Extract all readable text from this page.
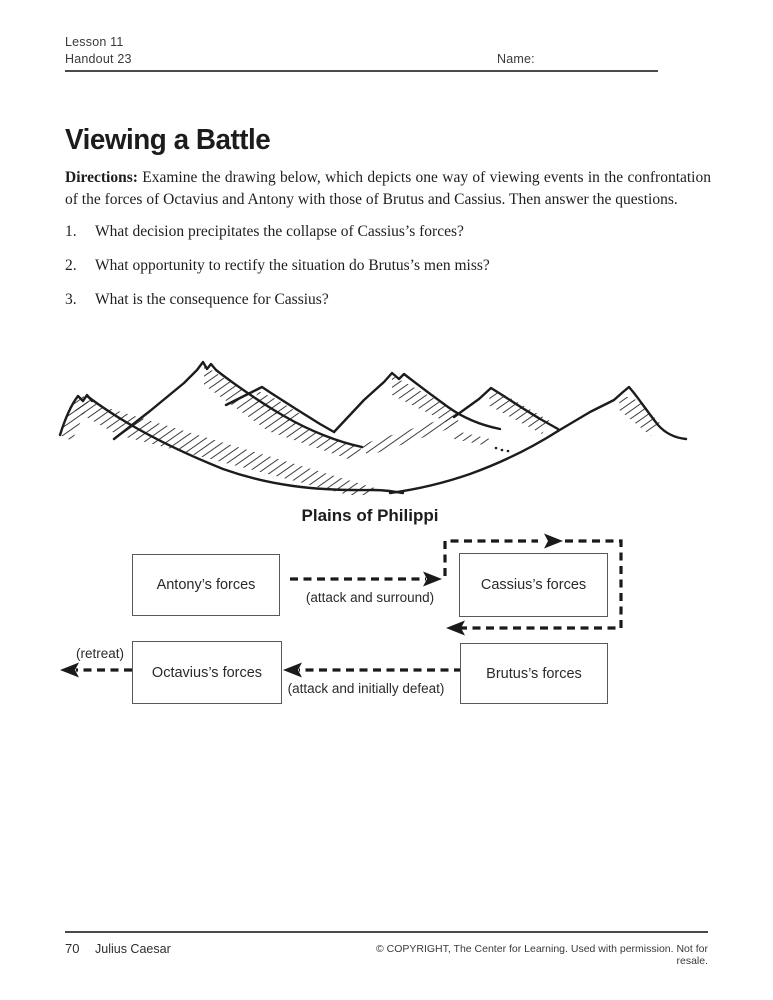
Lesson 11
Handout 23	Name:
Viewing a Battle
Directions: Examine the drawing below, which depicts one way of viewing events in the confrontation of the forces of Octavius and Antony with those of Brutus and Cassius. Then answer the questions.
1.	What decision precipitates the collapse of Cassius’s forces?
2.	What opportunity to rectify the situation do Brutus’s men miss?
3.	What is the consequence for Cassius?
Plains of Philippi
Antony’s forces	Cassius’s forces
Octavius’s forces	Brutus’s forces
(attack and surround)
(attack and initially defeat)
(retreat)
70 Julius Caesar	© COPYRIGHT, The Center for Learning. Used with permission. Not for resale.
